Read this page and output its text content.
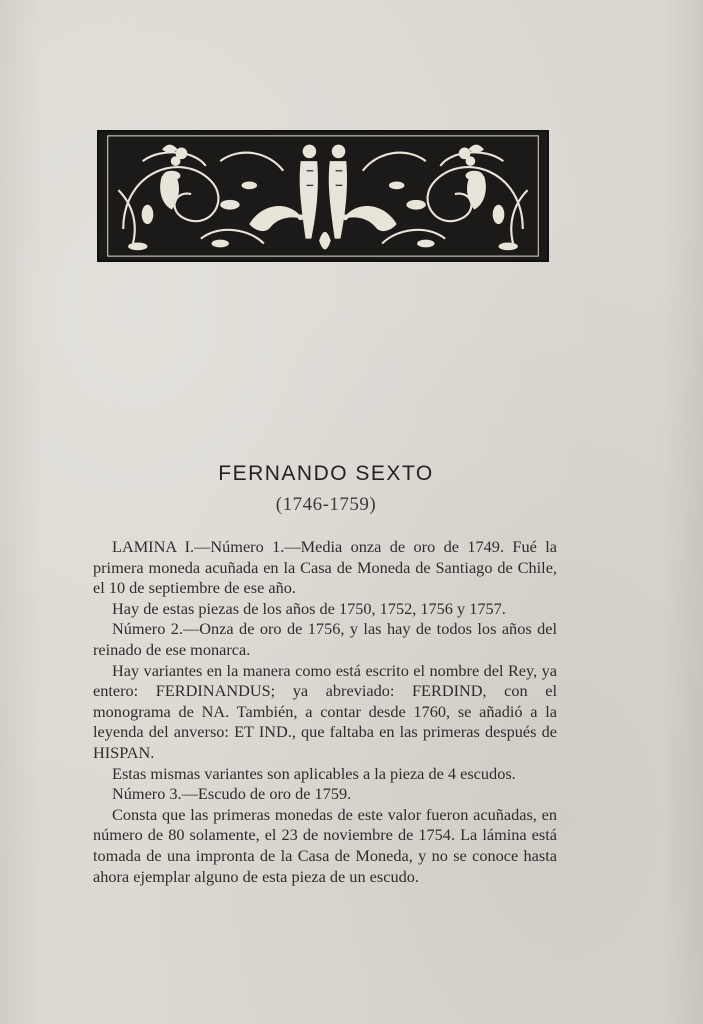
FERNANDO SEXTO
(1746-1759)

LAMINA I.—Número 1.—Media onza de oro de 1749. Fué la primera moneda acuñada en la Casa de Moneda de Santiago de Chile, el 10 de septiembre de ese año.

Hay de estas piezas de los años de 1750, 1752, 1756 y 1757.

Número 2.—Onza de oro de 1756, y las hay de todos los años del reinado de ese monarca.

Hay variantes en la manera como está escrito el nombre del Rey, ya entero: FERDINANDUS; ya abreviado: FERDIND, con el monograma de NA. También, a contar desde 1760, se añadió a la leyenda del anverso: ET IND., que faltaba en las primeras después de HISPAN.

Estas mismas variantes son aplicables a la pieza de 4 escudos.

Número 3.—Escudo de oro de 1759.

Consta que las primeras monedas de este valor fueron acuñadas, en número de 80 solamente, el 23 de noviembre de 1754. La lámina está tomada de una impronta de la Casa de Moneda, y no se conoce hasta ahora ejemplar alguno de esta pieza de un escudo.
